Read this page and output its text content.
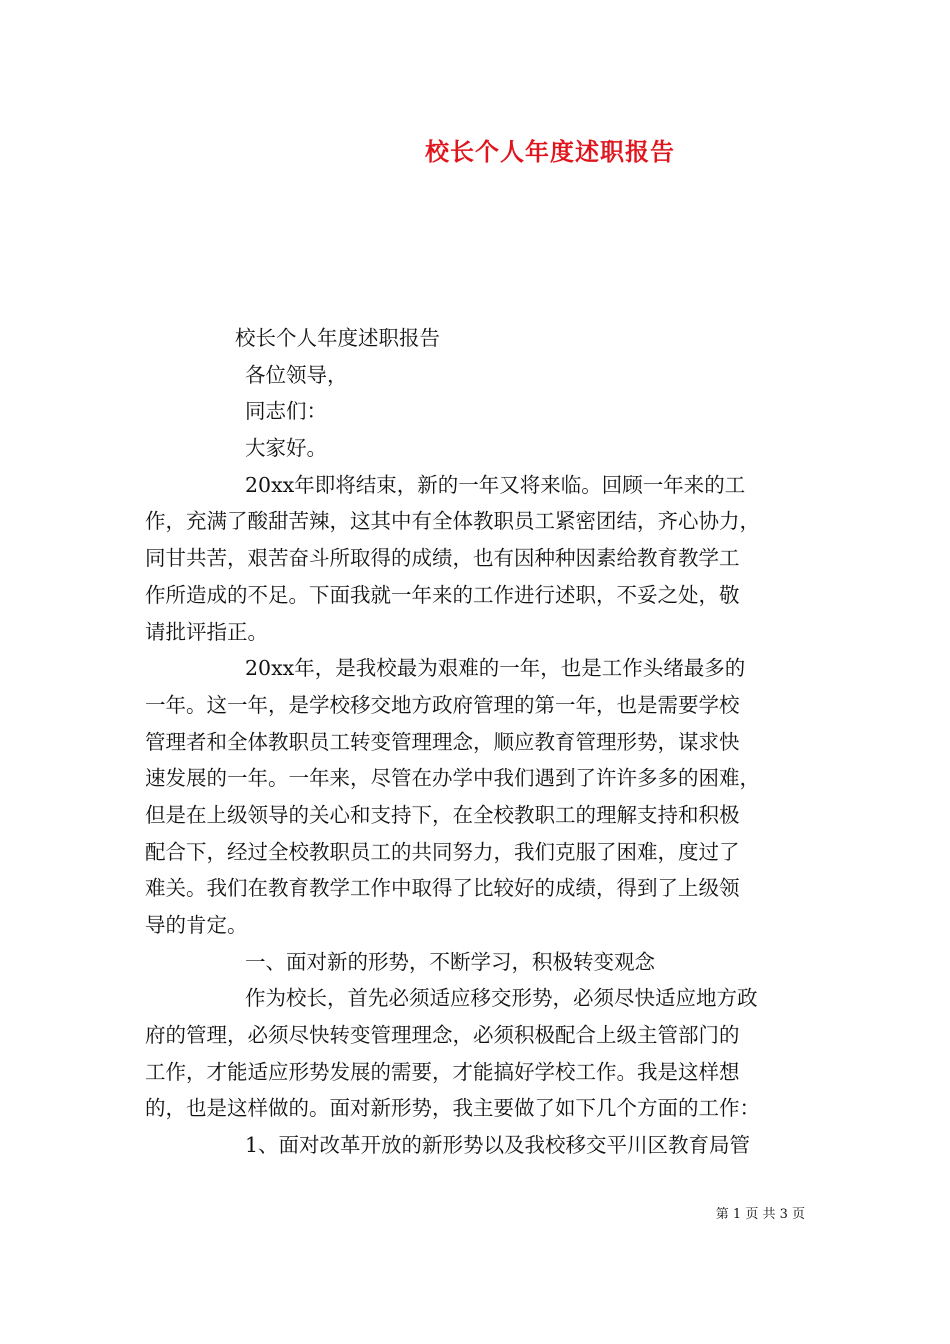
校长个人年度述职报告
校长个人年度述职报告
各位领导，
同志们：
大家好。
20xx年即将结束，新的一年又将来临。回顾一年来的工
作，充满了酸甜苦辣，这其中有全体教职员工紧密团结，齐心协力，
同甘共苦，艰苦奋斗所取得的成绩，也有因种种因素给教育教学工
作所造成的不足。下面我就一年来的工作进行述职，不妥之处，敬
请批评指正。
20xx年，是我校最为艰难的一年，也是工作头绪最多的
一年。这一年，是学校移交地方政府管理的第一年，也是需要学校
管理者和全体教职员工转变管理理念，顺应教育管理形势，谋求快
速发展的一年。一年来，尽管在办学中我们遇到了许许多多的困难，
但是在上级领导的关心和支持下，在全校教职工的理解支持和积极
配合下，经过全校教职员工的共同努力，我们克服了困难，度过了
难关。我们在教育教学工作中取得了比较好的成绩，得到了上级领
导的肯定。
一、面对新的形势，不断学习，积极转变观念
作为校长，首先必须适应移交形势，必须尽快适应地方政
府的管理，必须尽快转变管理理念，必须积极配合上级主管部门的
工作，才能适应形势发展的需要，才能搞好学校工作。我是这样想
的，也是这样做的。面对新形势，我主要做了如下几个方面的工作：
1、面对改革开放的新形势以及我校移交平川区教育局管
第 1 页 共 3 页
